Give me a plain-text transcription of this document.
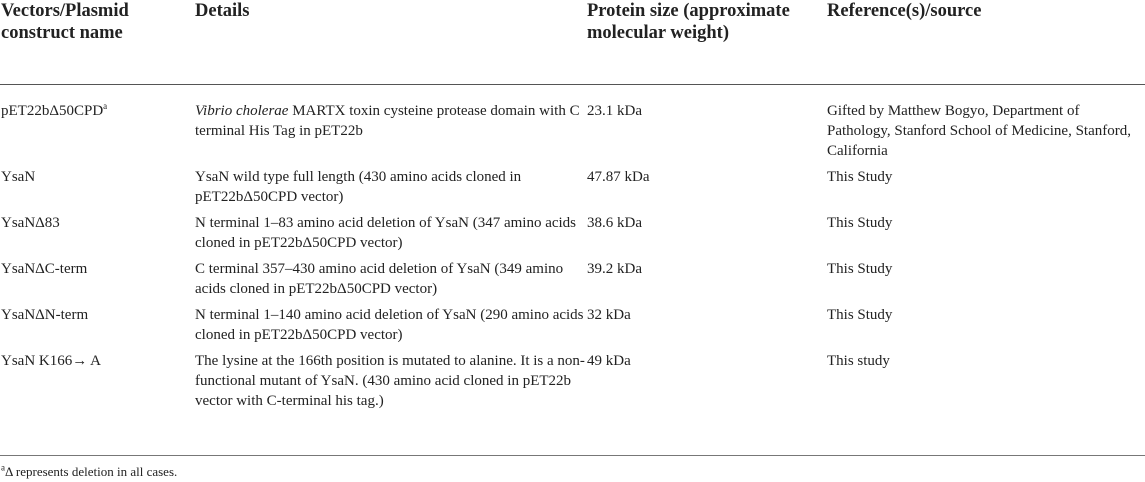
Vectors/Plasmid construct name	Details	Protein size (approximate molecular weight)	Reference(s)/source
pET22bΔ50CPD$^a$	Vibrio cholerae MARTX toxin cysteine protease domain with C terminal His Tag in pET22b	23.1 kDa	Gifted by Matthew Bogyo, Department of Pathology, Stanford School of Medicine, Stanford, California
YsaN	YsaN wild type full length (430 amino acids cloned in pET22bΔ50CPD vector)	47.87 kDa	This Study
YsaNΔ83	N terminal 1–83 amino acid deletion of YsaN (347 amino acids cloned in pET22bΔ50CPD vector)	38.6 kDa	This Study
YsaNΔC-term	C terminal 357–430 amino acid deletion of YsaN (349 amino acids cloned in pET22bΔ50CPD vector)	39.2 kDa	This Study
YsaNΔN-term	N terminal 1–140 amino acid deletion of YsaN (290 amino acids cloned in pET22bΔ50CPD vector)	32 kDa	This Study
YsaN K166→ A	The lysine at the 166th position is mutated to alanine. It is a non-functional mutant of YsaN. (430 amino acid cloned in pET22b vector with C-terminal his tag.)	49 kDa	This study
$^a$Δ represents deletion in all cases.
